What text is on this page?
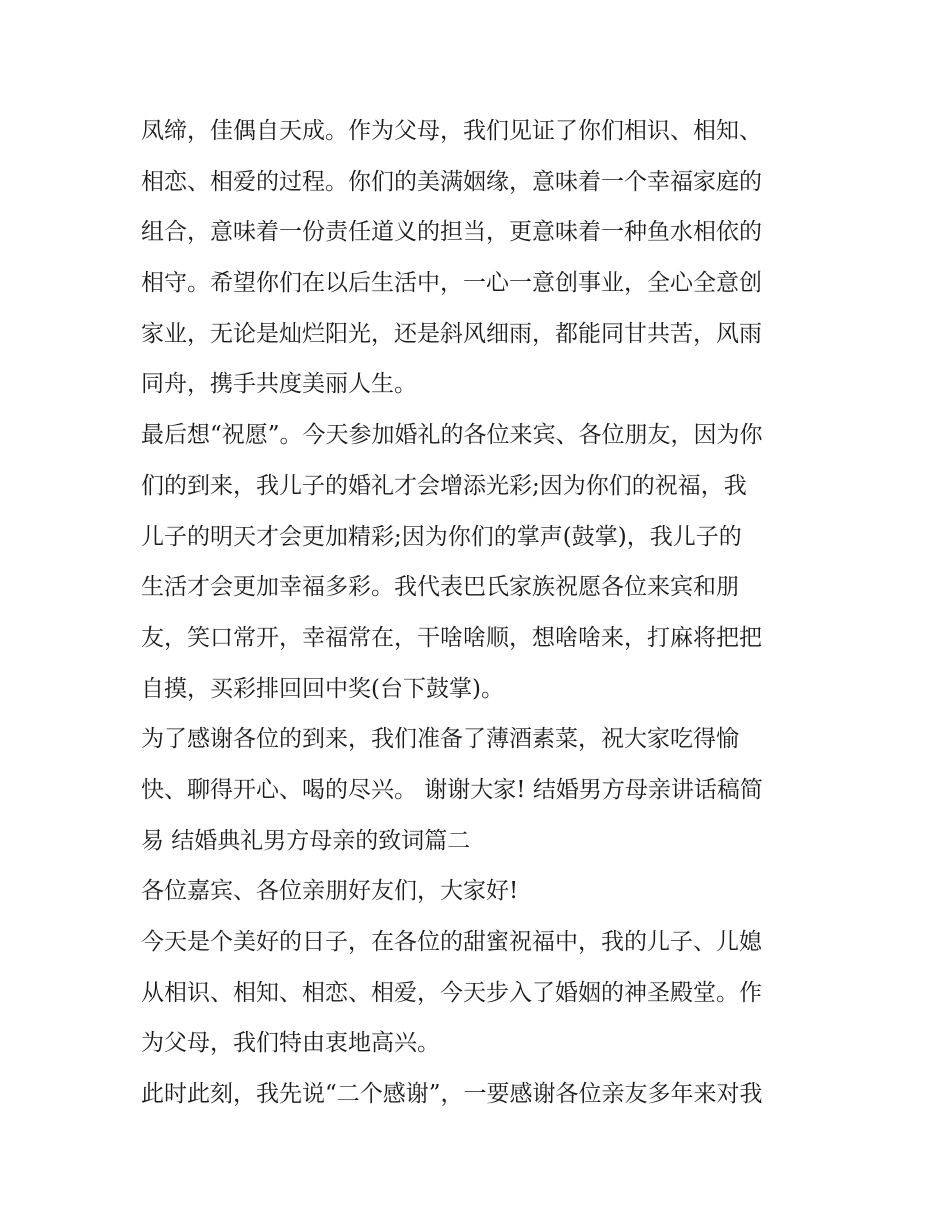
凤缔，佳偶自天成。作为父母，我们见证了你们相识、相知、
相恋、相爱的过程。你们的美满姻缘，意味着一个幸福家庭的
组合，意味着一份责任道义的担当，更意味着一种鱼水相依的
相守。希望你们在以后生活中，一心一意创事业，全心全意创
家业，无论是灿烂阳光，还是斜风细雨，都能同甘共苦，风雨
同舟，携手共度美丽人生。
最后想“祝愿”。今天参加婚礼的各位来宾、各位朋友，因为你
们的到来，我儿子的婚礼才会增添光彩;因为你们的祝福，我
儿子的明天才会更加精彩;因为你们的掌声(鼓掌)，我儿子的
生活才会更加幸福多彩。我代表巴氏家族祝愿各位来宾和朋
友，笑口常开，幸福常在，干啥啥顺，想啥啥来，打麻将把把
自摸，买彩排回回中奖(台下鼓掌)。
为了感谢各位的到来，我们准备了薄酒素菜，祝大家吃得愉
快、聊得开心、喝的尽兴。 谢谢大家! 结婚男方母亲讲话稿简
易 结婚典礼男方母亲的致词篇二
各位嘉宾、各位亲朋好友们，大家好!
今天是个美好的日子，在各位的甜蜜祝福中，我的儿子、儿媳
从相识、相知、相恋、相爱，今天步入了婚姻的神圣殿堂。作
为父母，我们特由衷地高兴。
此时此刻，我先说“二个感谢”，一要感谢各位亲友多年来对我
